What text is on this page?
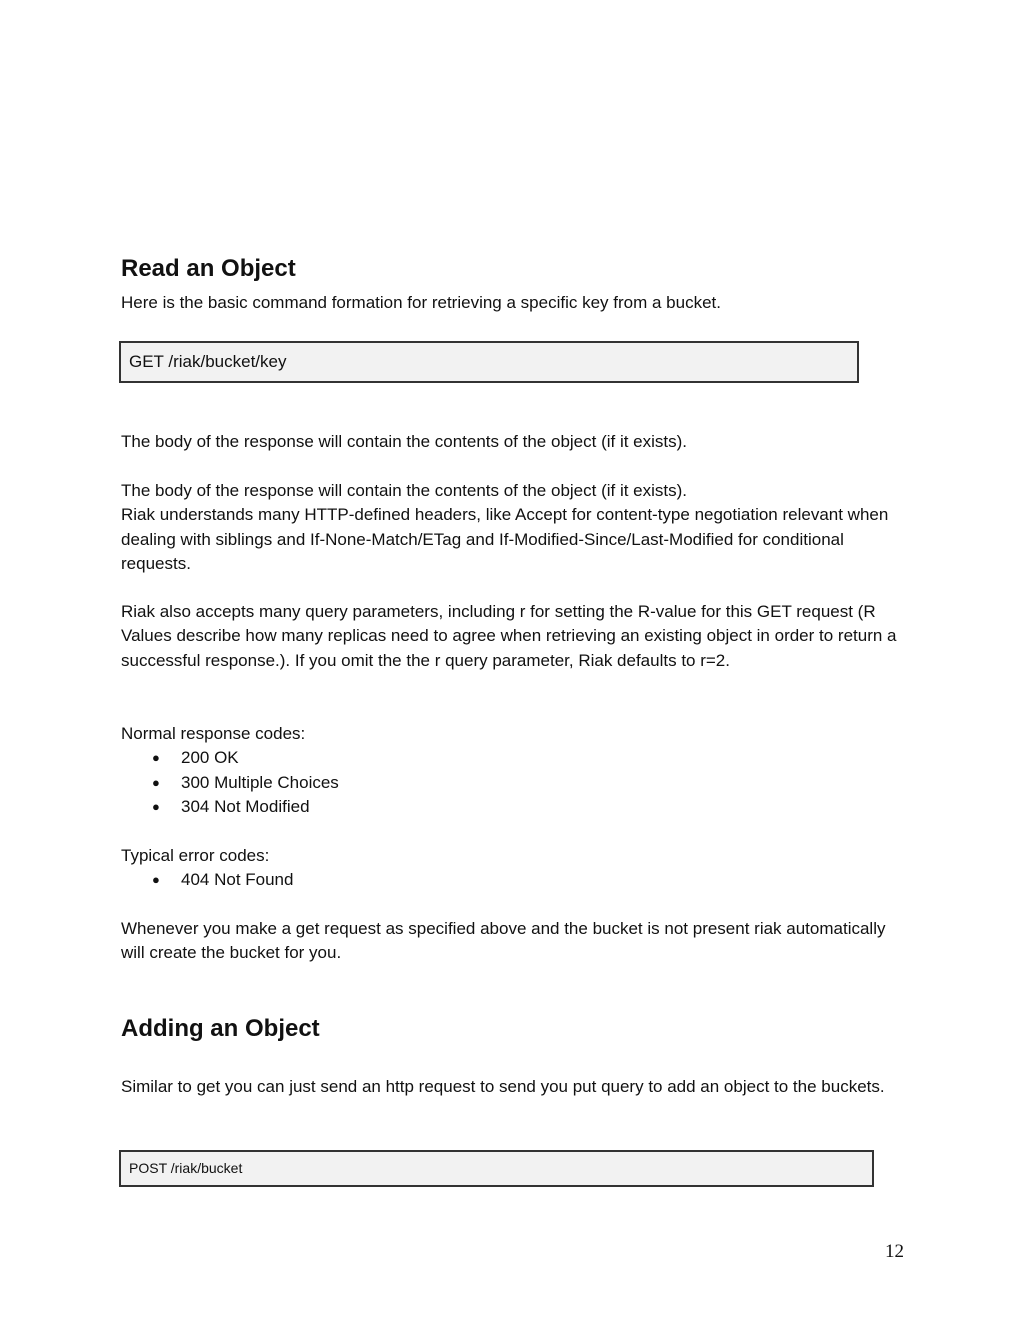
Read an Object

Here is the basic command formation for retrieving a specific key from a bucket.

GET /riak/bucket/key

The body of the response will contain the contents of the object (if it exists).

The body of the response will contain the contents of the object (if it exists).
Riak understands many HTTP-defined headers, like Accept for content-type negotiation relevant when dealing with siblings and If-None-Match/ETag and If-Modified-Since/Last-Modified for conditional requests.

Riak also accepts many query parameters, including r for setting the R-value for this GET request (R Values describe how many replicas need to agree when retrieving an existing object in order to return a successful response.). If you omit the the r query parameter, Riak defaults to r=2.

Normal response codes:
● 200 OK
● 300 Multiple Choices
● 304 Not Modified
Typical error codes:
● 404 Not Found

Whenever you make a get request as specified above and the bucket is not present riak automatically will create the bucket for you.

Adding an Object

Similar to get you can just send an http request to send you put query to add an object to the buckets.

POST /riak/bucket
12
